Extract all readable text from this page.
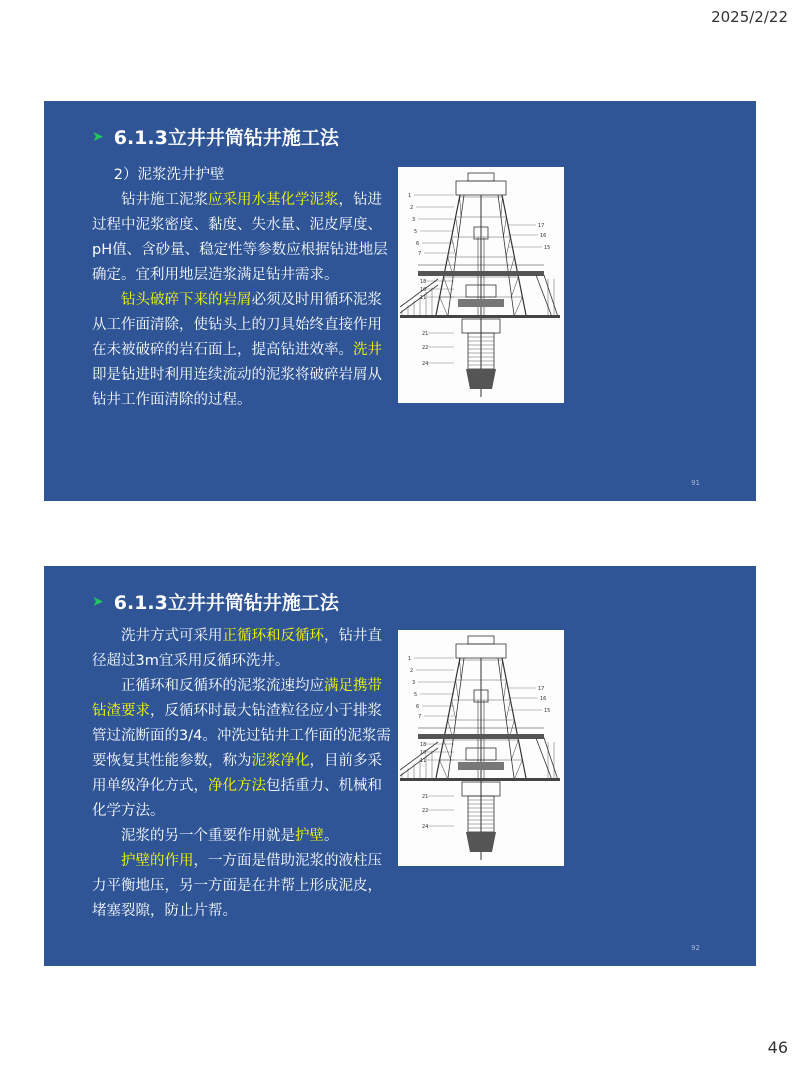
2025/2/22
➤ 6.1.3立井井筒钻井施工法

2）泥浆洗井护壁

钻井施工泥浆应采用水基化学泥浆，钻进过程中泥浆密度、黏度、失水量、泥皮厚度、pH值、含砂量、稳定性等参数应根据钻进地层确定。宜利用地层造浆满足钻井需求。

钻头破碎下来的岩屑必须及时用循环泥浆从工作面清除，使钻头上的刀具始终直接作用在未被破碎的岩石面上，提高钻进效率。洗井即是钻进时利用连续流动的泥浆将破碎岩屑从钻井工作面清除的过程。

1
2
3
5
6
7
18
10
11
21
22
24
17
16
15
91
➤ 6.1.3立井井筒钻井施工法

洗井方式可采用正循环和反循环，钻井直径超过3m宜采用反循环洗井。

正循环和反循环的泥浆流速均应满足携带钻渣要求，反循环时最大钻渣粒径应小于排浆管过流断面的3/4。冲洗过钻井工作面的泥浆需要恢复其性能参数，称为泥浆净化，目前多采用单级净化方式，净化方法包括重力、机械和化学方法。

泥浆的另一个重要作用就是护壁。

护壁的作用，一方面是借助泥浆的液柱压力平衡地压，另一方面是在井帮上形成泥皮，堵塞裂隙，防止片帮。

1
2
3
5
6
7
18
10
11
21
22
24
17
16
15
92
46
